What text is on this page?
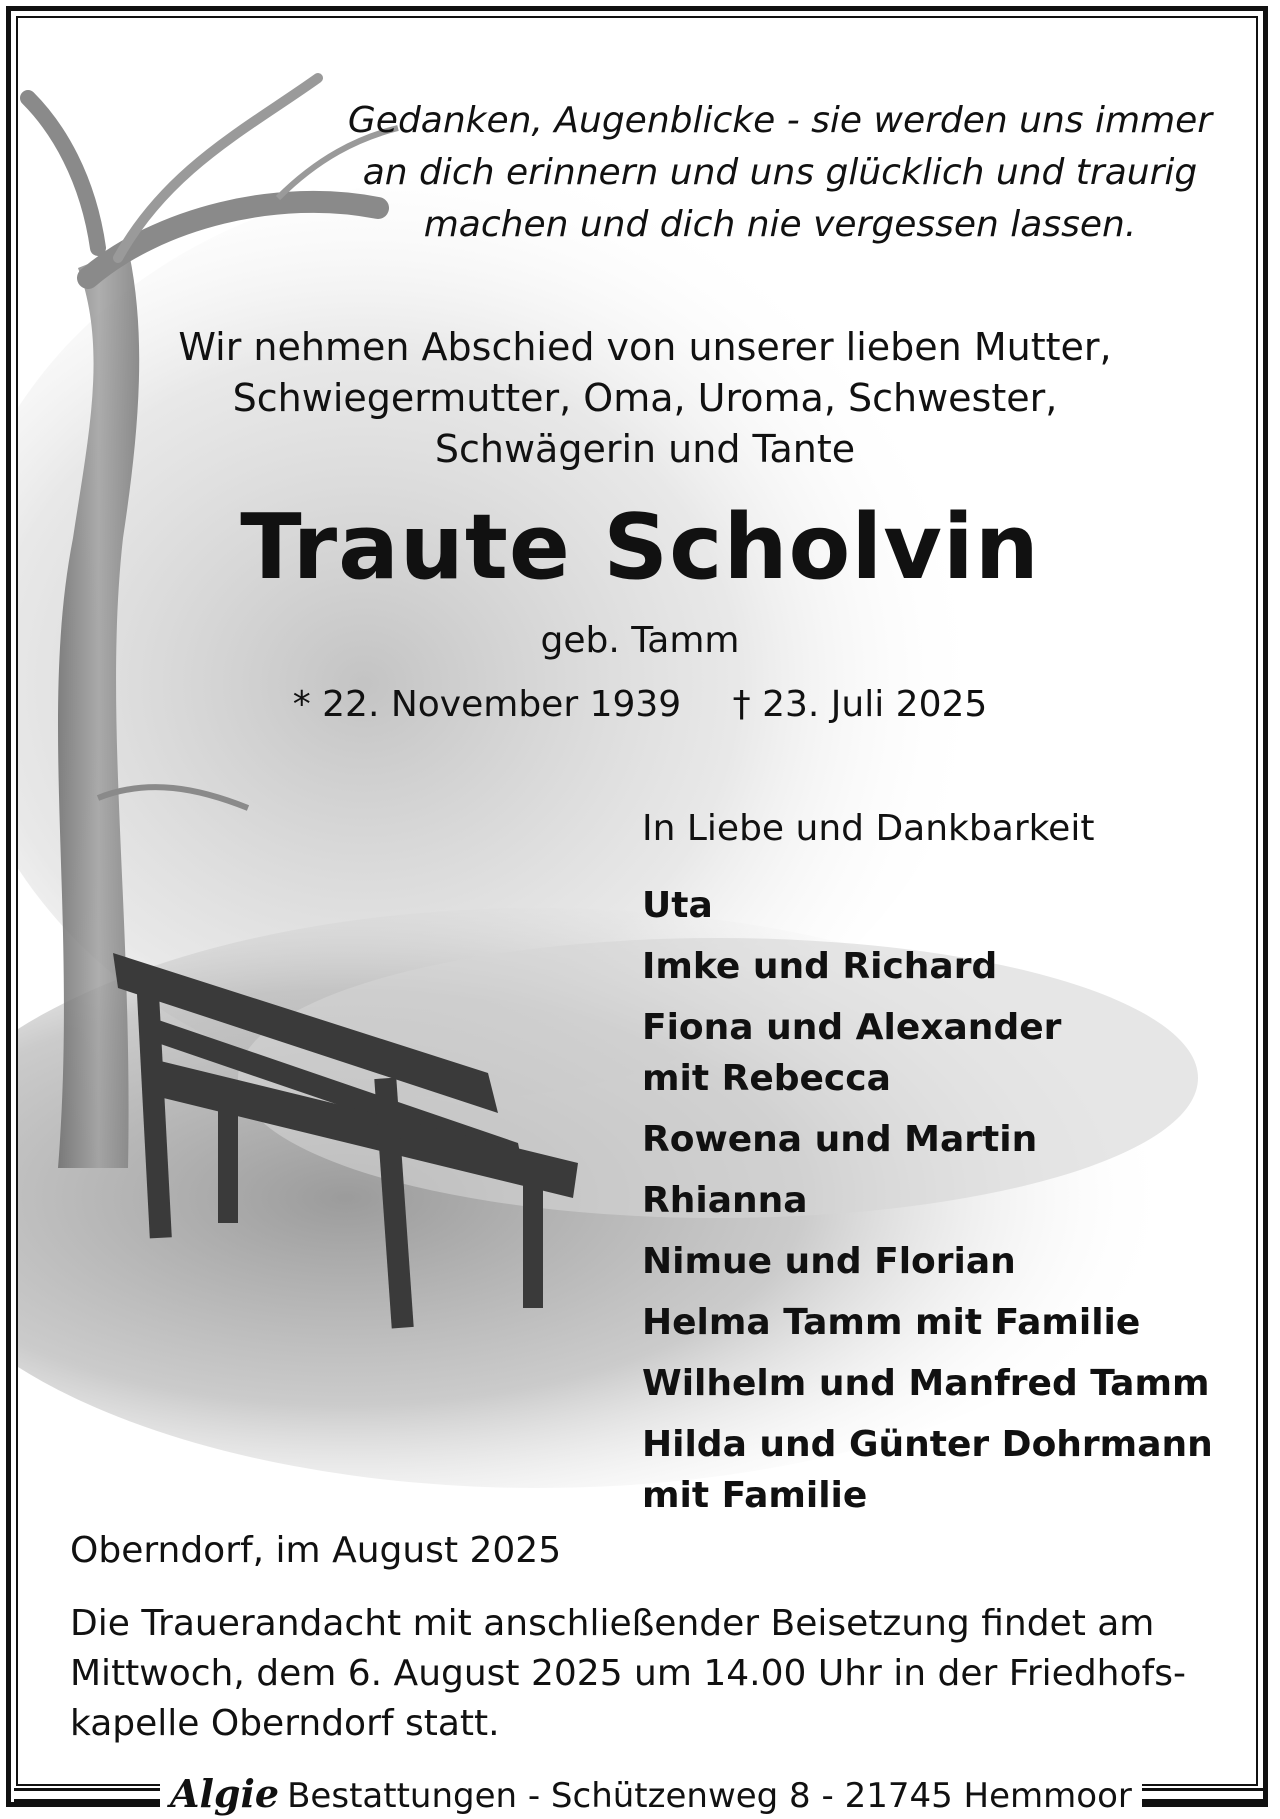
Gedanken, Augenblicke - sie werden uns immer
an dich erinnern und uns glücklich und traurig
machen und dich nie vergessen lassen.
Wir nehmen Abschied von unserer lieben Mutter,
Schwiegermutter, Oma, Uroma, Schwester,
Schwägerin und Tante
Traute Scholvin
geb. Tamm
* 22. November 1939 † 23. Juli 2025
In Liebe und Dankbarkeit
Uta
Imke und Richard
Fiona und Alexander
mit Rebecca
Rowena und Martin
Rhianna
Nimue und Florian
Helma Tamm mit Familie
Wilhelm und Manfred Tamm
Hilda und Günter Dohrmann
mit Familie
Oberndorf, im August 2025
Die Trauerandacht mit anschließender Beisetzung findet am
Mittwoch, dem 6. August 2025 um 14.00 Uhr in der Friedhofs-
kapelle Oberndorf statt.
Algie Bestattungen - Schützenweg 8 - 21745 Hemmoor
